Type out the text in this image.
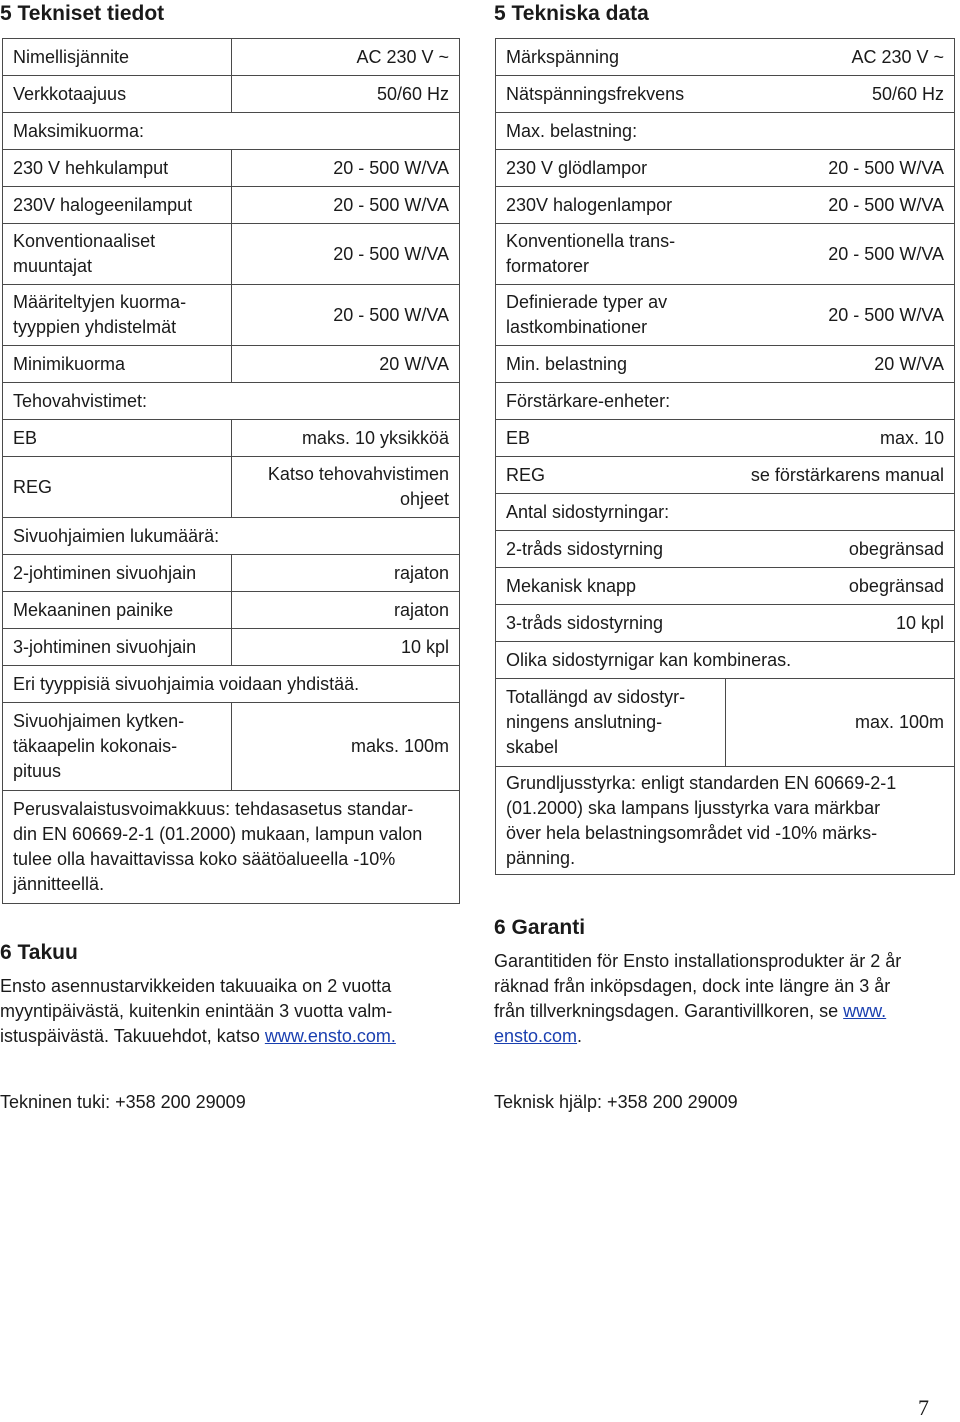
5 Tekniset tiedot
Nimellisjännite	AC 230 V ~
Verkkotaajuus	50/60 Hz
Maksimikuorma:	
230 V hehkulamput	20 - 500 W/VA
230V halogeenilamput	20 - 500 W/VA
Konventionaaliset
muuntajat	20 - 500 W/VA
Määriteltyjen kuorma-
tyyppien yhdistelmät	20 - 500 W/VA
Minimikuorma	20 W/VA
Tehovahvistimet:	
EB	maks. 10 yksikköä
REG	Katso tehovahvistimen
ohjeet
Sivuohjaimien lukumäärä:	
2-johtiminen sivuohjain	rajaton
Mekaaninen painike	rajaton
3-johtiminen sivuohjain	10 kpl
Eri tyyppisiä sivuohjaimia voidaan yhdistää.	
Sivuohjaimen kytken-
täkaapelin kokonais-
pituus	maks. 100m
Perusvalaistusvoimakkuus: tehdasasetus standar-
din EN 60669-2-1 (01.2000) mukaan, lampun valon
tulee olla havaittavissa koko säätöalueella -10%
jännitteellä.	
6 Takuu

Ensto asennustarvikkeiden takuuaika on 2 vuotta
myyntipäivästä, kuitenkin enintään 3 vuotta valm-
istuspäivästä. Takuuehdot, katso www.ensto.com.

Tekninen tuki: +358 200 29009

5 Tekniska data
Märkspänning	AC 230 V ~
Nätspänningsfrekvens	50/60 Hz
Max. belastning:	
230 V glödlampor	20 - 500 W/VA
230V halogenlampor	20 - 500 W/VA
Konventionella trans-
formatorer	20 - 500 W/VA
Definierade typer av
lastkombinationer	20 - 500 W/VA
Min. belastning	20 W/VA
Förstärkare-enheter:	
EB	max. 10
REG	se förstärkarens manual
Antal sidostyrningar:	
2-tråds sidostyrning	obegränsad
Mekanisk knapp	obegränsad
3-tråds sidostyrning	10 kpl
Olika sidostyrnigar kan kombineras.	
Totallängd av sidostyr-
ningens anslutning-
skabel	max. 100m
Grundljusstyrka: enligt standarden EN 60669-2-1
(01.2000) ska lampans ljusstyrka vara märkbar
över hela belastningsområdet vid -10% märks-
pänning.	
6 Garanti

Garantitiden för Ensto installationsprodukter är 2 år
räknad från inköpsdagen, dock inte längre än 3 år
från tillverkningsdagen. Garantivillkoren, se www.
ensto.com.

Teknisk hjälp: +358 200 29009

7
